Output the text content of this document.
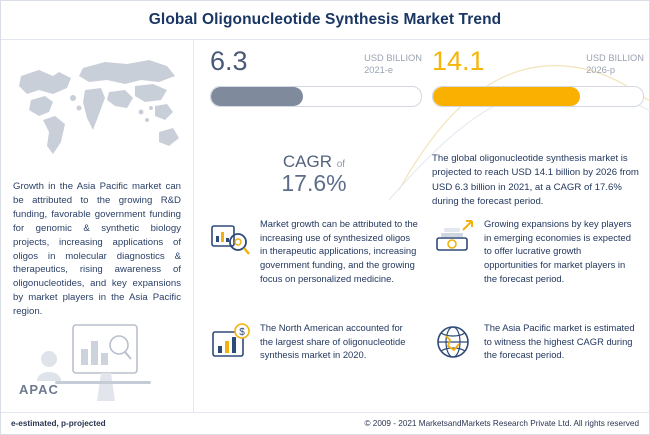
Global Oligonucleotide Synthesis Market Trend
Growth in the Asia Pacific market can be attributed to the growing R&D funding, favorable government funding for genomic & synthetic biology projects, increasing applications of oligos in molecular diagnostics & therapeutics, rising awareness of oligonucleotides, and key expansions by market players in the Asia Pacific region.
APAC
6.3	USD BILLION
2021-e	14.1	USD BILLION
2026-p
CAGR of
17.6%
The global oligonucleotide synthesis market is projected to reach USD 14.1 billion by 2026 from USD 6.3 billion in 2021, at a CAGR of 17.6% during the forecast period.
Market growth can be attributed to the increasing use of synthesized oligos in therapeutic applications, increasing government funding, and the growing focus on personalized medicine.
Growing expansions by key players in emerging economies is expected to offer lucrative growth opportunities for market players in the forecast period.
$ The North American accounted for the largest share of oligonucleotide synthesis market in 2020.
The Asia Pacific market is estimated to witness the highest CAGR during the forecast period.
e-estimated, p-projected	© 2009 - 2021 MarketsandMarkets Research Private Ltd. All rights reserved
